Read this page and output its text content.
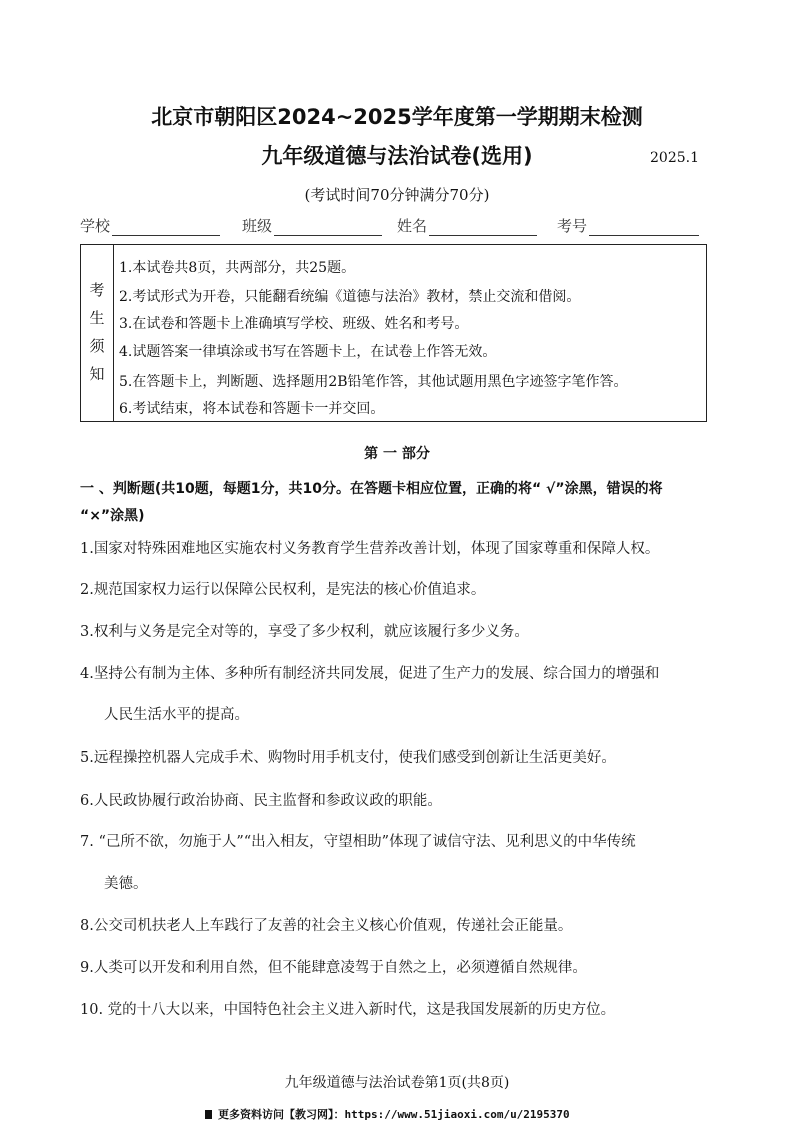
北京市朝阳区2024~2025学年度第一学期期末检测
九年级道德与法治试卷(选用)	2025.1
(考试时间70分钟满分70分)
学校	班级	姓名	考号
考
生
须
知
1.本试卷共8页，共两部分，共25题。
2.考试形式为开卷，只能翻看统编《道德与法治》教材，禁止交流和借阅。
3.在试卷和答题卡上准确填写学校、班级、姓名和考号。
4.试题答案一律填涂或书写在答题卡上，在试卷上作答无效。
5.在答题卡上，判断题、选择题用2B铅笔作答，其他试题用黑色字迹签字笔作答。
6.考试结束，将本试卷和答题卡一并交回。
第 一 部分
一 、判断题(共10题，每题1分，共10分。在答题卡相应位置，正确的将“ √”涂黑，错误的将
“×”涂黑)
1.国家对特殊困难地区实施农村义务教育学生营养改善计划，体现了国家尊重和保障人权。
2.规范国家权力运行以保障公民权利，是宪法的核心价值追求。
3.权利与义务是完全对等的，享受了多少权利，就应该履行多少义务。
4.坚持公有制为主体、多种所有制经济共同发展，促进了生产力的发展、综合国力的增强和
人民生活水平的提高。
5.远程操控机器人完成手术、购物时用手机支付，使我们感受到创新让生活更美好。
6.人民政协履行政治协商、民主监督和参政议政的职能。
7. “己所不欲，勿施于人”“出入相友，守望相助”体现了诚信守法、见利思义的中华传统
美德。
8.公交司机扶老人上车践行了友善的社会主义核心价值观，传递社会正能量。
9.人类可以开发和利用自然，但不能肆意凌驾于自然之上，必须遵循自然规律。
10. 党的十八大以来，中国特色社会主义进入新时代，这是我国发展新的历史方位。
九年级道德与法治试卷第1页(共8页)
更多资料访问【教习网】：https://www.51jiaoxi.com/u/2195370
